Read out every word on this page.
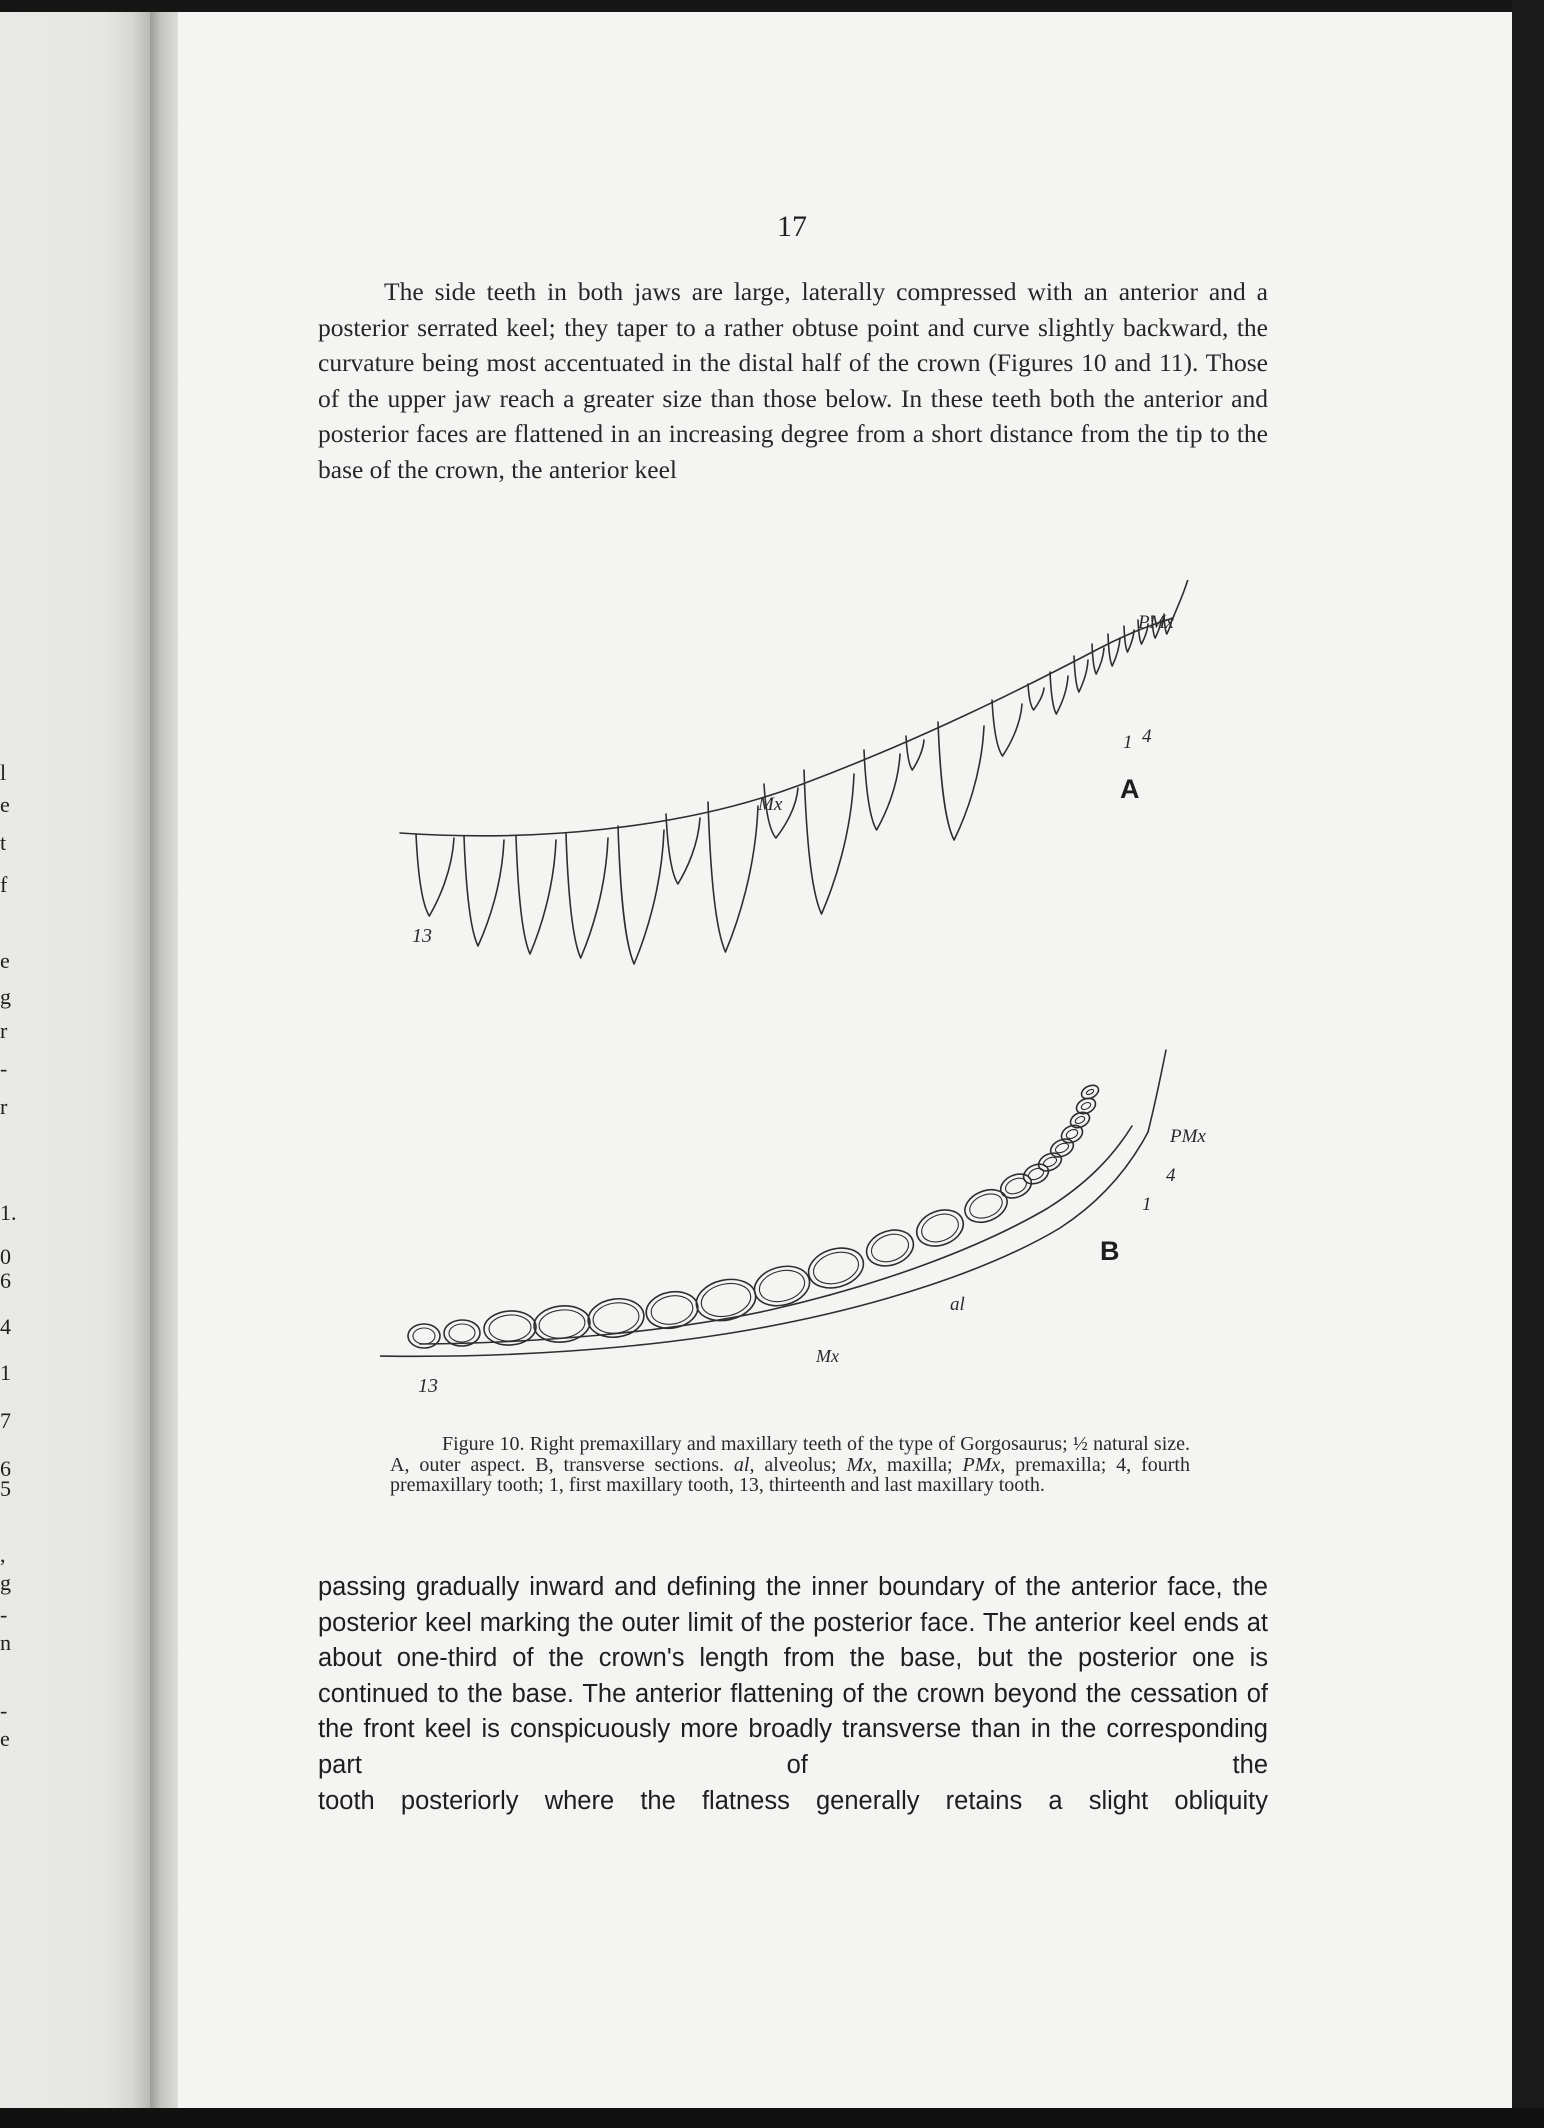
l
e
t
f
e
g
r
-
r
1.
0
6
4
1
7
6
5
,
g
-
n
-
e
17
The side teeth in both jaws are large, laterally compressed with an anterior and a posterior serrated keel; they taper to a rather obtuse point and curve slightly backward, the curvature being most accentuated in the distal half of the crown (Figures 10 and 11). Those of the upper jaw reach a greater size than those below. In these teeth both the anterior and posterior faces are flattened in an increasing degree from a short distance from the tip to the base of the crown, the anterior keel
PMx
Mx
13
1 4
A
PMx
4
1
al
Mx
13
B
Figure 10. Right premaxillary and maxillary teeth of the type of Gorgosaurus; ½ natural size. A, outer aspect. B, transverse sections. al, alveolus; Mx, maxilla; PMx, premaxilla; 4, fourth premaxillary tooth; 1, first maxillary tooth, 13, thirteenth and last maxillary tooth.
passing gradually inward and defining the inner boundary of the anterior face, the posterior keel marking the outer limit of the posterior face. The anterior keel ends at about one-third of the crown's length from the base, but the posterior one is continued to the base. The anterior flattening of the crown beyond the cessation of the front keel is conspicuously more broadly transverse than in the corresponding part of the
tooth posteriorly where the flatness generally retains a slight obliquity
